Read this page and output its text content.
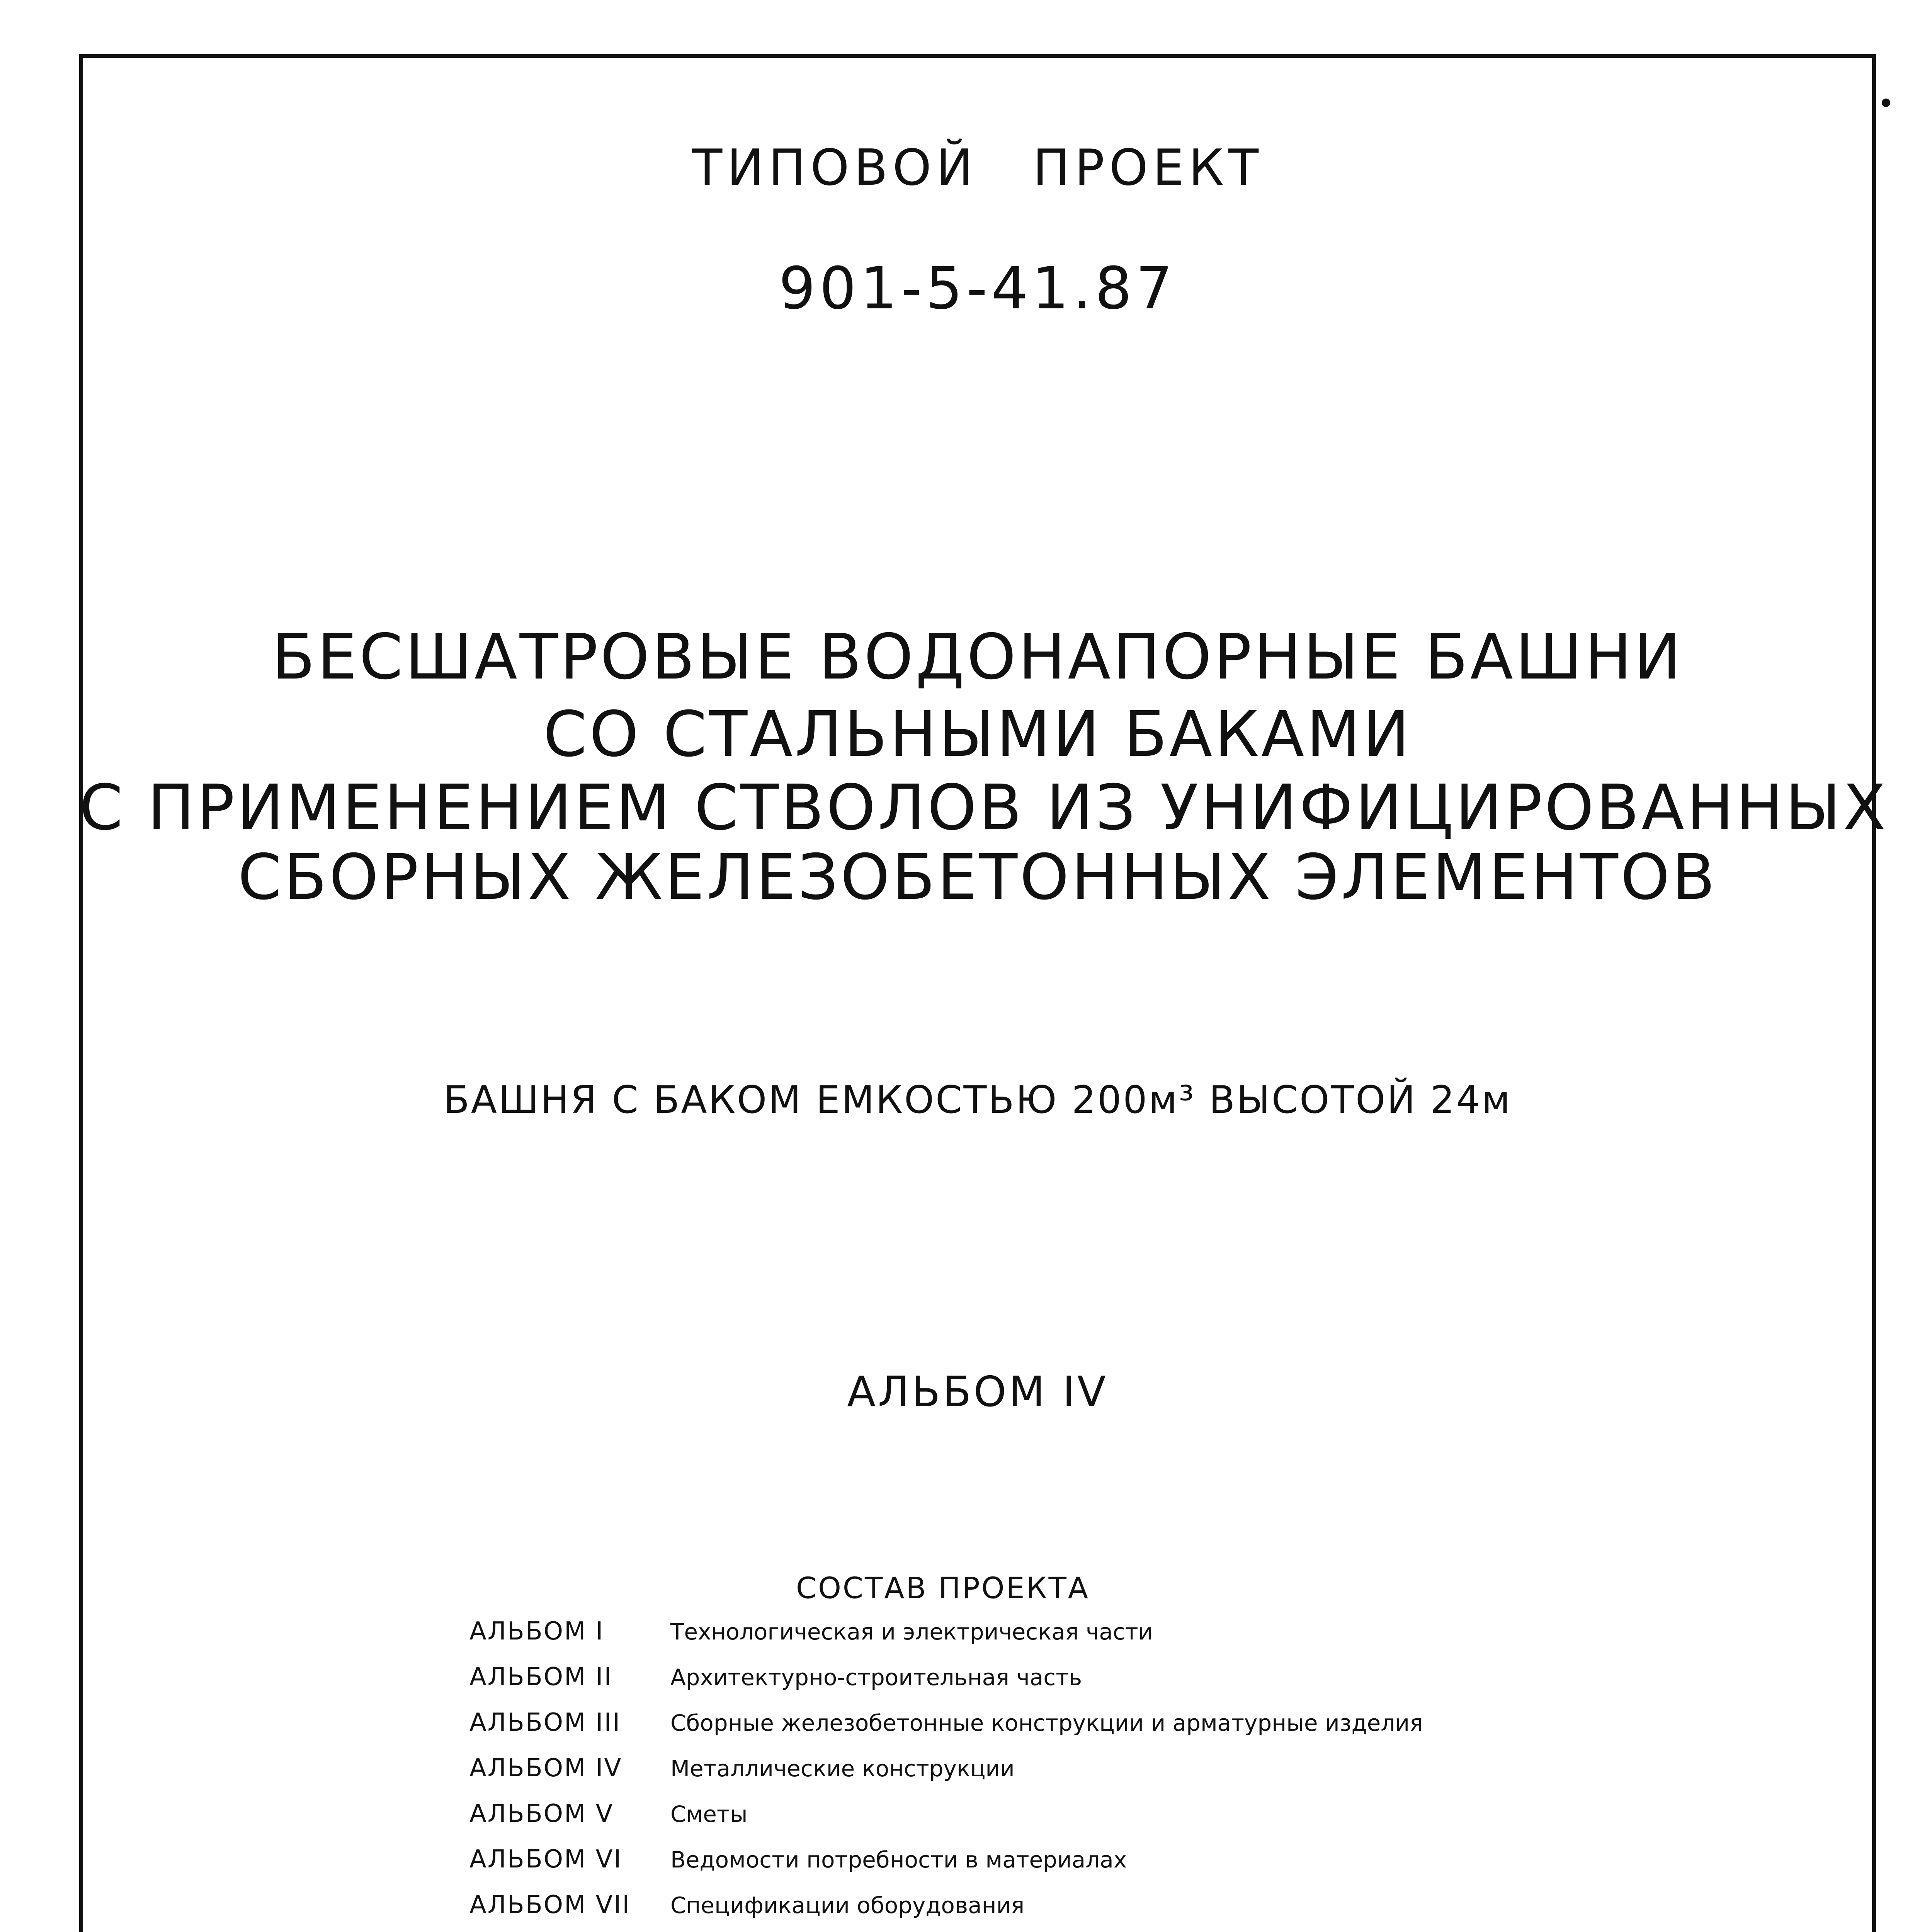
ТИПОВОЙ ПРОЕКТ
901-5-41.87
БЕСШАТРОВЫЕ ВОДОНАПОРНЫЕ БАШНИ
СО СТАЛЬНЫМИ БАКАМИ
С ПРИМЕНЕНИЕМ СТВОЛОВ ИЗ УНИФИЦИРОВАННЫХ
СБОРНЫХ ЖЕЛЕЗОБЕТОННЫХ ЭЛЕМЕНТОВ
БАШНЯ С БАКОМ ЕМКОСТЬЮ 200м³ ВЫСОТОЙ 24м
АЛЬБОМ IV
СОСТАВ ПРОЕКТА
АЛЬБОМ I	Технологическая и электрическая части
АЛЬБОМ II	Архитектурно-строительная часть
АЛЬБОМ III Сборные железобетонные конструкции и арматурные изделия
АЛЬБОМ IV Металлические конструкции
АЛЬБОМ V	Сметы
АЛЬБОМ VI Ведомости потребности в материалах
АЛЬБОМ VII Спецификации оборудования
